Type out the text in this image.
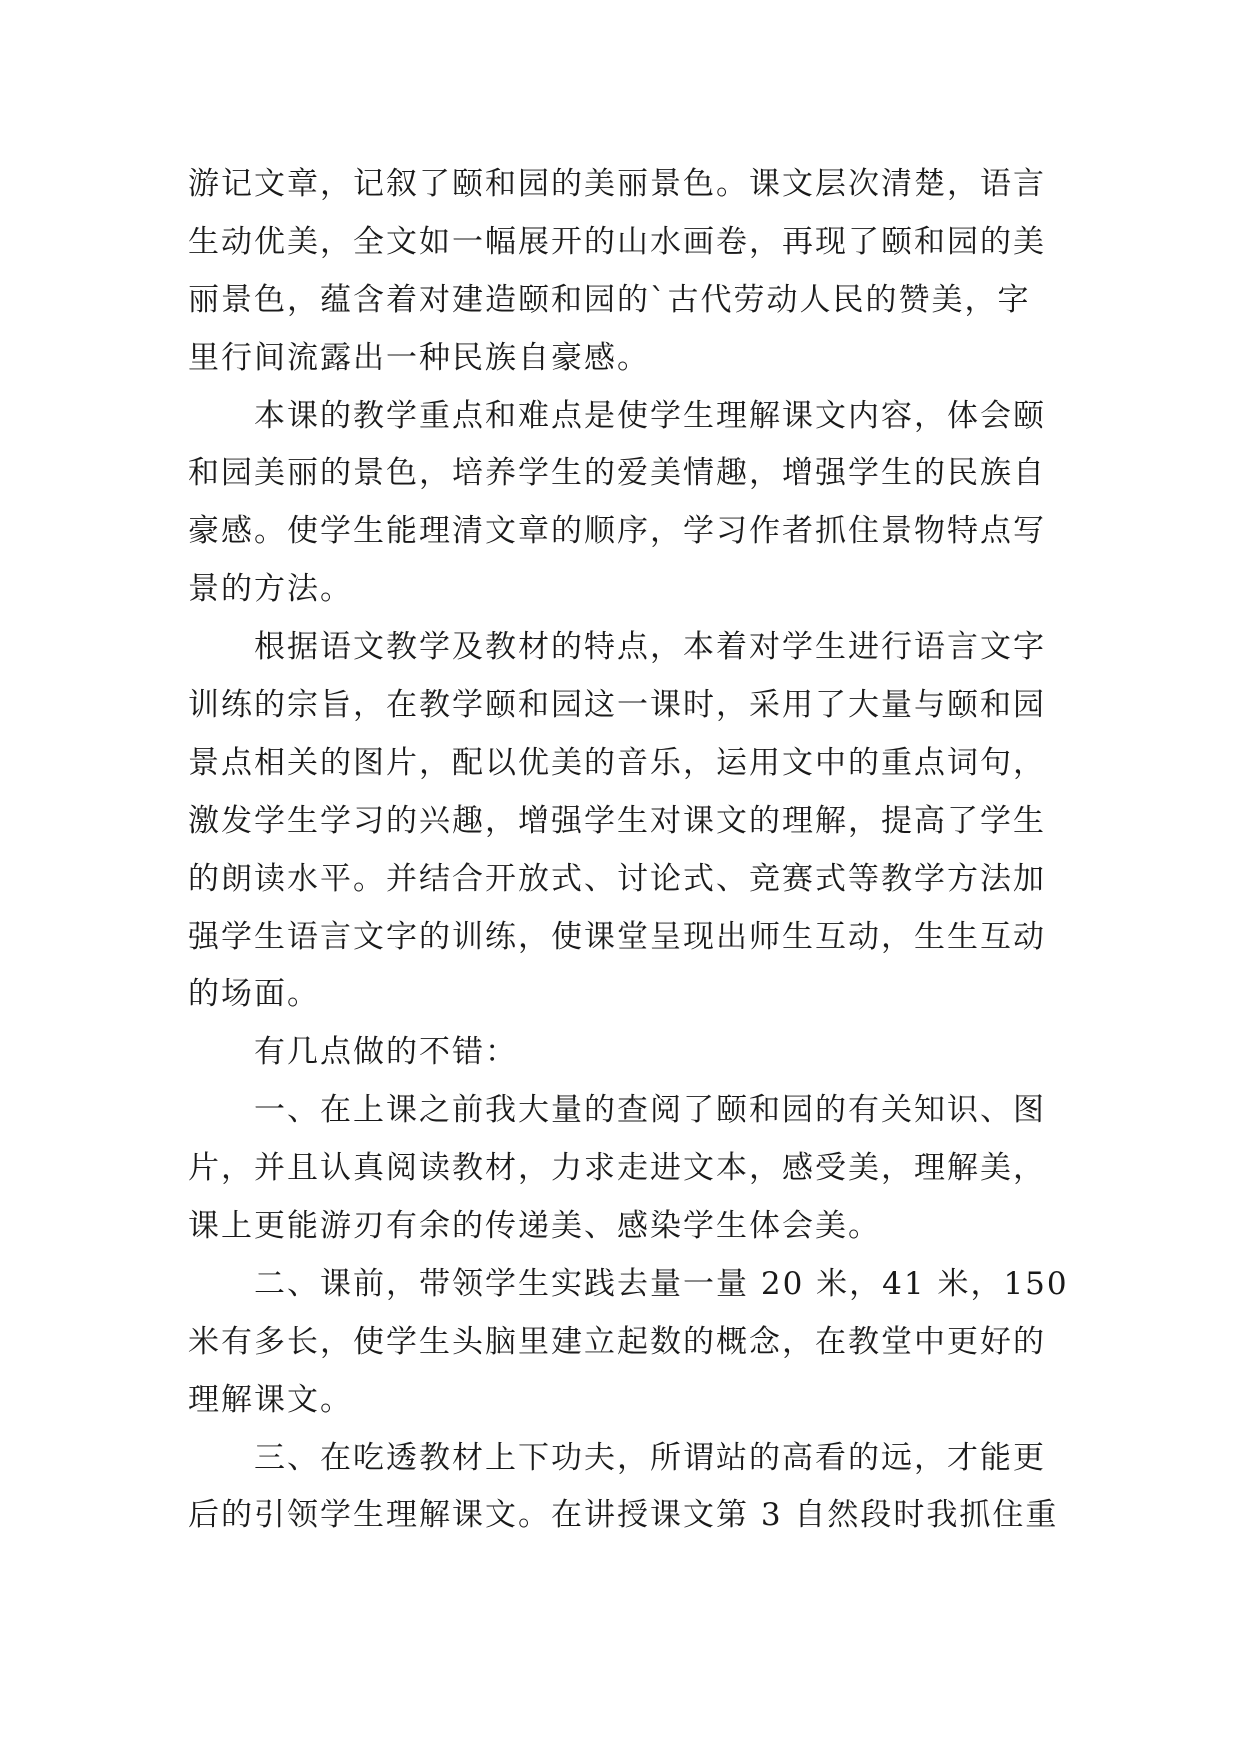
游记文章，记叙了颐和园的美丽景色。课文层次清楚，语言
生动优美，全文如一幅展开的山水画卷，再现了颐和园的美
丽景色，蕴含着对建造颐和园的`古代劳动人民的赞美，字
里行间流露出一种民族自豪感。
　　本课的教学重点和难点是使学生理解课文内容，体会颐
和园美丽的景色，培养学生的爱美情趣，增强学生的民族自
豪感。使学生能理清文章的顺序，学习作者抓住景物特点写
景的方法。
　　根据语文教学及教材的特点，本着对学生进行语言文字
训练的宗旨，在教学颐和园这一课时，采用了大量与颐和园
景点相关的图片，配以优美的音乐，运用文中的重点词句，
激发学生学习的兴趣，增强学生对课文的理解，提高了学生
的朗读水平。并结合开放式、讨论式、竞赛式等教学方法加
强学生语言文字的训练，使课堂呈现出师生互动，生生互动
的场面。
　　有几点做的不错：
　　一、在上课之前我大量的查阅了颐和园的有关知识、图
片，并且认真阅读教材，力求走进文本，感受美，理解美，
课上更能游刃有余的传递美、感染学生体会美。
　　二、课前，带领学生实践去量一量 20 米，41 米，150
米有多长，使学生头脑里建立起数的概念，在教堂中更好的
理解课文。
　　三、在吃透教材上下功夫，所谓站的高看的远，才能更
后的引领学生理解课文。在讲授课文第 3 自然段时我抓住重
